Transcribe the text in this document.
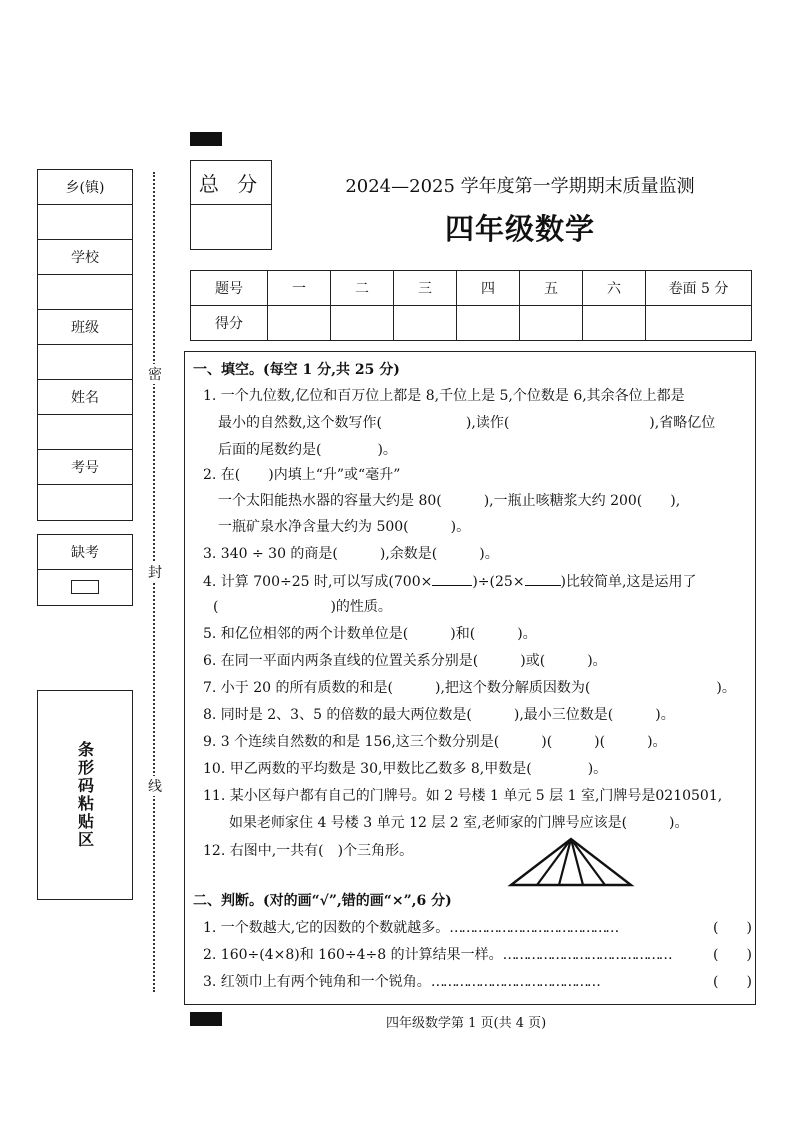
乡(镇)
学校
班级
姓名
考号
缺考
条形码粘贴区
密
封
线
总 分	2024—2025 学年度第一学期期末质量监测
四年级数学
题号	一	二	三	四	五	六	卷面 5 分
得分							
一、填空。(每空 1 分,共 25 分)
1. 一个九位数,亿位和百万位上都是 8,千位上是 5,个位数是 6,其余各位上都是
最小的自然数,这个数写作(　　　　　　),读作(　　　　　　　　　　),省略亿位
后面的尾数约是(　　　　)。
2. 在(　　)内填上“升”或“毫升”
一个太阳能热水器的容量大约是 80(　　　),一瓶止咳糖浆大约 200(　　),
一瓶矿泉水净含量大约为 500(　　　)。
3. 340 ÷ 30 的商是(　　　),余数是(　　　)。
4. 计算 700÷25 时,可以写成(700×	)÷(25×	)比较简单,这是运用了
(　　　　　　　　)的性质。
5. 和亿位相邻的两个计数单位是(　　　)和(　　　)。
6. 在同一平面内两条直线的位置关系分别是(　　　)或(　　　)。
7. 小于 20 的所有质数的和是(　　　),把这个数分解质因数为(　　　　　　　　　)。
8. 同时是 2、3、5 的倍数的最大两位数是(　　　),最小三位数是(　　　)。
9. 3 个连续自然数的和是 156,这三个数分别是(　　　)(　　　)(　　　)。
10. 甲乙两数的平均数是 30,甲数比乙数多 8,甲数是(　　　　)。
11. 某小区每户都有自己的门牌号。如 2 号楼 1 单元 5 层 1 室,门牌号是0210501,
如果老师家住 4 号楼 3 单元 12 层 2 室,老师家的门牌号应该是(　　　)。
12. 右图中,一共有(　)个三角形。
二、判断。(对的画“√”,错的画“×”,6 分)
1. 一个数越大,它的因数的个数就越多。……………………………………	(　　)
2. 160÷(4×8)和 160÷4÷8 的计算结果一样。……………………………………	(　　)
3. 红领巾上有两个钝角和一个锐角。……………………………………	(　　)
四年级数学第 1 页(共 4 页)
